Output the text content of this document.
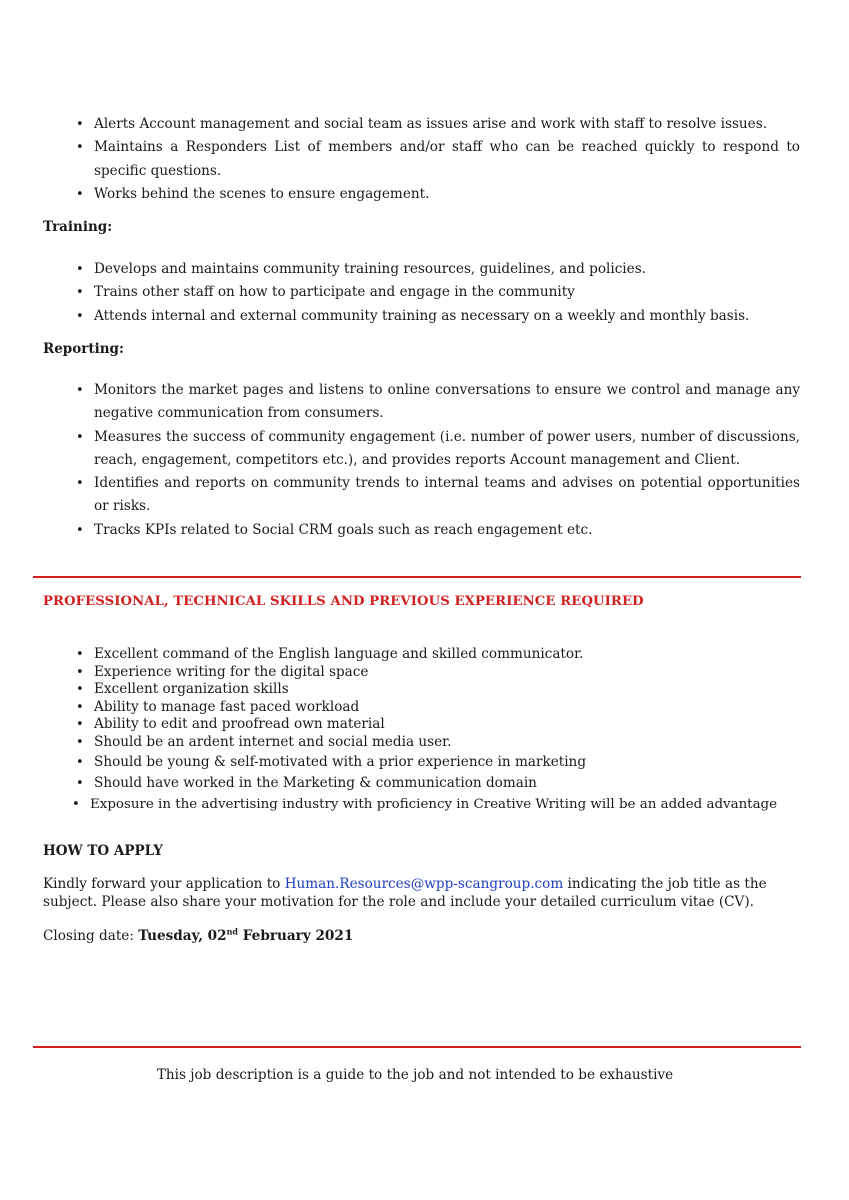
• Alerts Account management and social team as issues arise and work with staff to resolve issues.
• Maintains a Responders List of members and/or staff who can be reached quickly to respond to specific questions.
• Works behind the scenes to ensure engagement.
Training:
• Develops and maintains community training resources, guidelines, and policies.
• Trains other staff on how to participate and engage in the community
• Attends internal and external community training as necessary on a weekly and monthly basis.
Reporting:
• Monitors the market pages and listens to online conversations to ensure we control and manage any negative communication from consumers.
• Measures the success of community engagement (i.e. number of power users, number of discussions, reach, engagement, competitors etc.), and provides reports Account management and Client.
• Identifies and reports on community trends to internal teams and advises on potential opportunities or risks.
• Tracks KPIs related to Social CRM goals such as reach engagement etc.
PROFESSIONAL, TECHNICAL SKILLS AND PREVIOUS EXPERIENCE REQUIRED
• Excellent command of the English language and skilled communicator.
• Experience writing for the digital space
• Excellent organization skills
• Ability to manage fast paced workload
• Ability to edit and proofread own material
• Should be an ardent internet and social media user.
• Should be young & self-motivated with a prior experience in marketing
• Should have worked in the Marketing & communication domain
• Exposure in the advertising industry with proficiency in Creative Writing will be an added advantage
HOW TO APPLY
Kindly forward your application to Human.Resources@wpp-scangroup.com indicating the job title as the subject. Please also share your motivation for the role and include your detailed curriculum vitae (CV).
Closing date: Tuesday, 02nd February 2021
This job description is a guide to the job and not intended to be exhaustive
